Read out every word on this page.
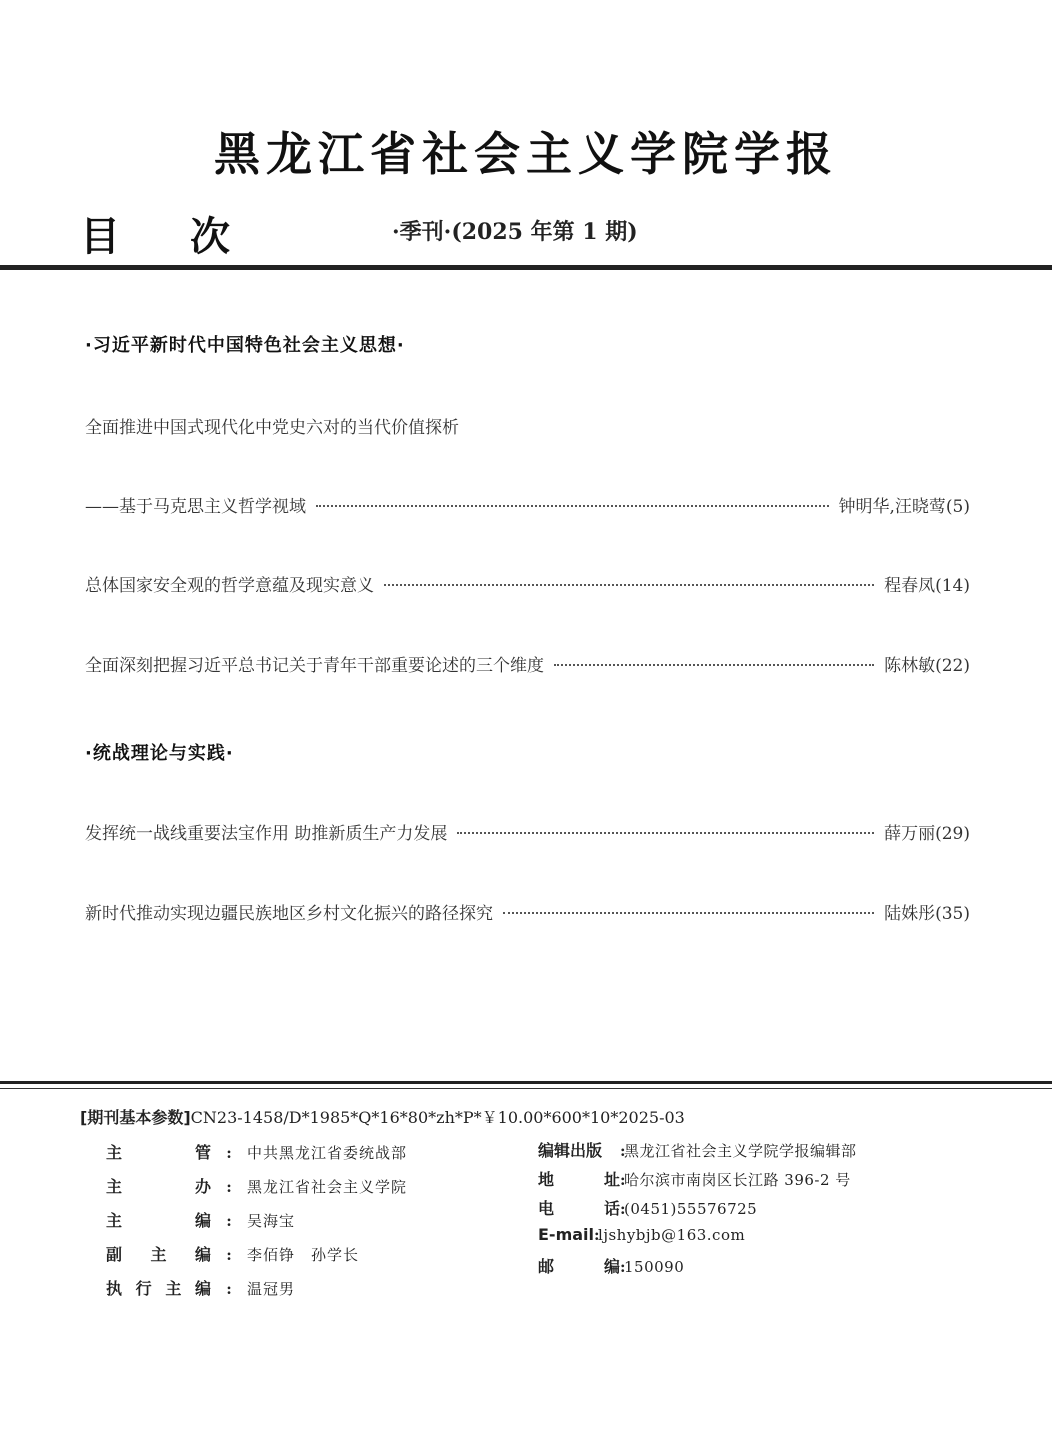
黑龙江省社会主义学院学报
目 次	·季刊·(2025 年第 1 期)
·习近平新时代中国特色社会主义思想·
全面推进中国式现代化中党史六对的当代价值探析
——基于马克思主义哲学视域	钟明华,汪晓莺 (5)
总体国家安全观的哲学意蕴及现实意义	程春凤 (14)
全面深刻把握习近平总书记关于青年干部重要论述的三个维度	陈林敏 (22)
·统战理论与实践·
发挥统一战线重要法宝作用 助推新质生产力发展	薛万丽 (29)
新时代推动实现边疆民族地区乡村文化振兴的路径探究	陆姝彤 (35)
[期刊基本参数]CN23-1458/D*1985*Q*16*80*zh*P*￥10.00*600*10*2025-03
主	管	:	中共黑龙江省委统战部
主	办	:	黑龙江省社会主义学院
主	编	:	吴海宝
副 主 编	:	李佰铮　孙学长
执 行 主 编	:	温冠男
编辑出版 :
黑龙江省社会主义学院学报编辑部
地	址 :
哈尔滨市南岗区长江路 396-2 号
电	话 :
(0451)55576725
E-mail :
ljshybjb@163.com
邮	编 :
150090
